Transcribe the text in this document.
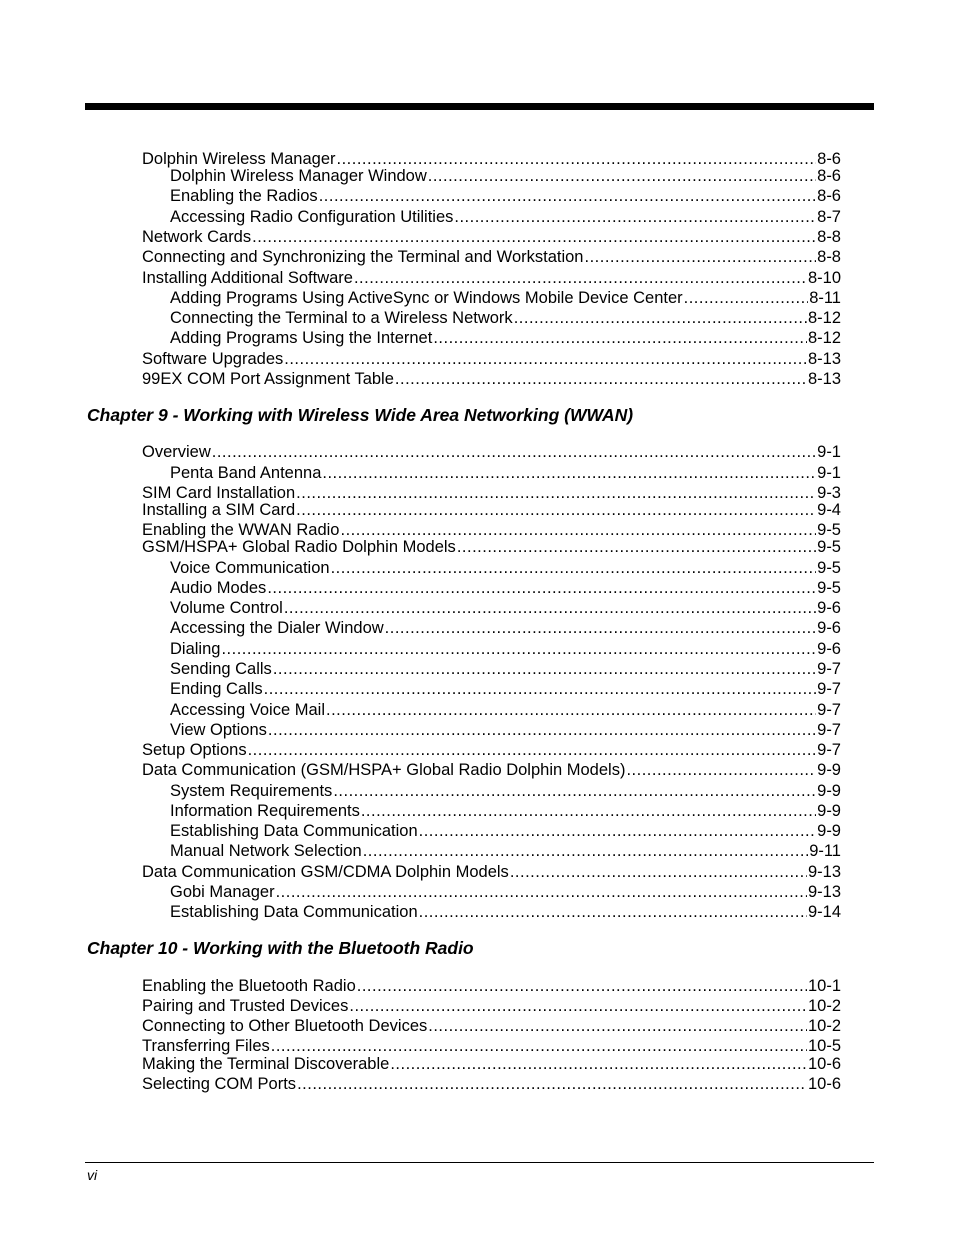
Dolphin Wireless Manager .....	8-6
Dolphin Wireless Manager Window .....	8-6
Enabling the Radios .....	8-6
Accessing Radio Configuration Utilities .....	8-7
Network Cards .....	8-8
Connecting and Synchronizing the Terminal and Workstation .....	8-8
Installing Additional Software .....	8-10
Adding Programs Using ActiveSync or Windows Mobile Device Center .....	8-11
Connecting the Terminal to a Wireless Network .....	8-12
Adding Programs Using the Internet .....	8-12
Software Upgrades .....	8-13
99EX COM Port Assignment Table .....	8-13
Chapter 9 - Working with Wireless Wide Area Networking (WWAN)
Overview .....	9-1
Penta Band Antenna .....	9-1
SIM Card Installation .....	9-3
Installing a SIM Card .....	9-4
Enabling the WWAN Radio .....	9-5
GSM/HSPA+ Global Radio Dolphin Models .....	9-5
Voice Communication .....	9-5
Audio Modes .....	9-5
Volume Control .....	9-6
Accessing the Dialer Window .....	9-6
Dialing .....	9-6
Sending Calls .....	9-7
Ending Calls .....	9-7
Accessing Voice Mail .....	9-7
View Options .....	9-7
Setup Options .....	9-7
Data Communication (GSM/HSPA+ Global Radio Dolphin Models) .....	9-9
System Requirements .....	9-9
Information Requirements .....	9-9
Establishing Data Communication .....	9-9
Manual Network Selection .....	9-11
Data Communication GSM/CDMA Dolphin Models .....	9-13
Gobi Manager .....	9-13
Establishing Data Communication .....	9-14
Chapter 10 - Working with the Bluetooth Radio
Enabling the Bluetooth Radio .....	10-1
Pairing and Trusted Devices .....	10-2
Connecting to Other Bluetooth Devices .....	10-2
Transferring Files .....	10-5
Making the Terminal Discoverable .....	10-6
Selecting COM Ports .....	10-6
vi
